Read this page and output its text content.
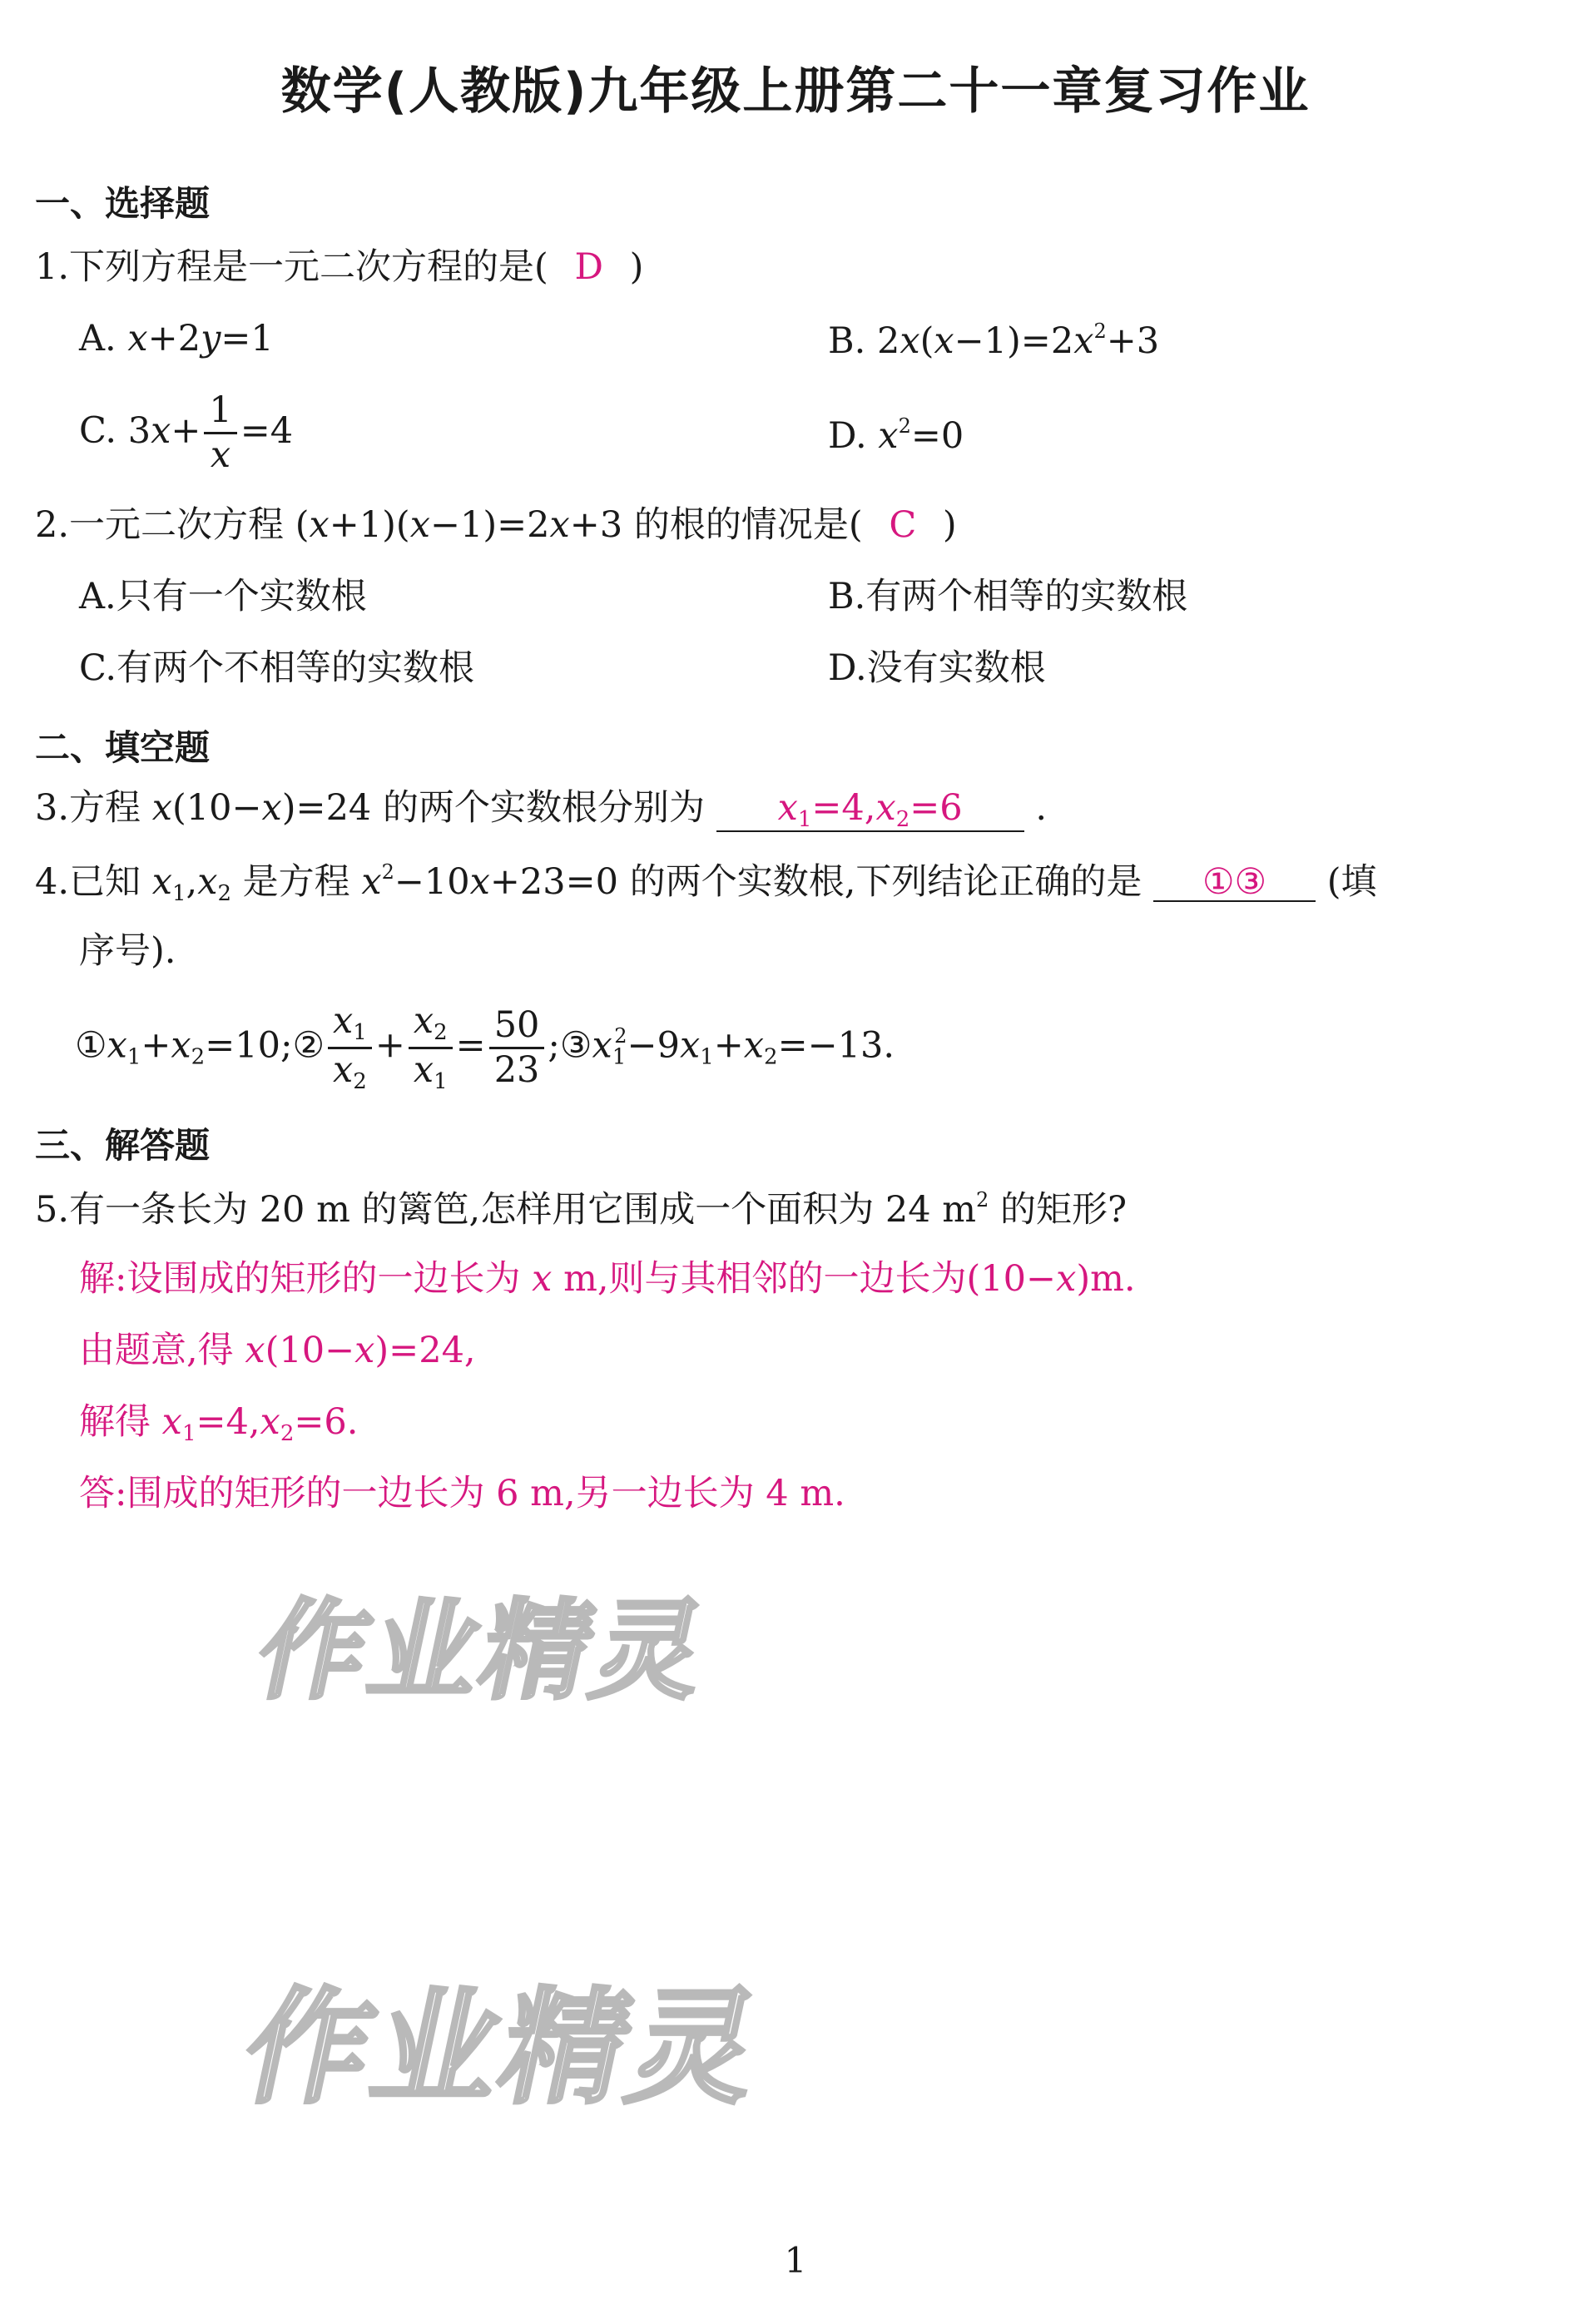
数学(人教版)九年级上册第二十一章复习作业
一、选择题
1.下列方程是一元二次方程的是( D )
A. x+2y=1	B. $2x(x-1)=2x^2+3$
C. $3x+ \frac{1}{x} =4$	D. $x^2=0$
2.一元二次方程 (x+1)(x−1)=2x+3 的根的情况是( C )
A.只有一个实数根	B.有两个相等的实数根
C.有两个不相等的实数根	D.没有实数根
二、填空题
3.方程 x(10−x)=24 的两个实数根分别为 $x_1=4,x_2=6$ .
4.已知 $x_1,x_2$ 是方程 $x^2-10x+23=0$ 的两个实数根,下列结论正确的是 ①③ (填
序号).
$①x_1+x_2=10;② \frac{x_1}{x_2} + \frac{x_2}{x_1} = \frac{50}{23}$ $;③x_1^2-9x_1+x_2=-13$.
三、解答题
5.有一条长为 20 m 的篱笆,怎样用它围成一个面积为 24 $m^2$ 的矩形?
解:设围成的矩形的一边长为 x m,则与其相邻的一边长为(10−x)m.
由题意,得 x(10−x)=24,
解得 $x_1=4,x_2=6$.
答:围成的矩形的一边长为 6 m,另一边长为 4 m.
作业精灵
作业精灵
1
